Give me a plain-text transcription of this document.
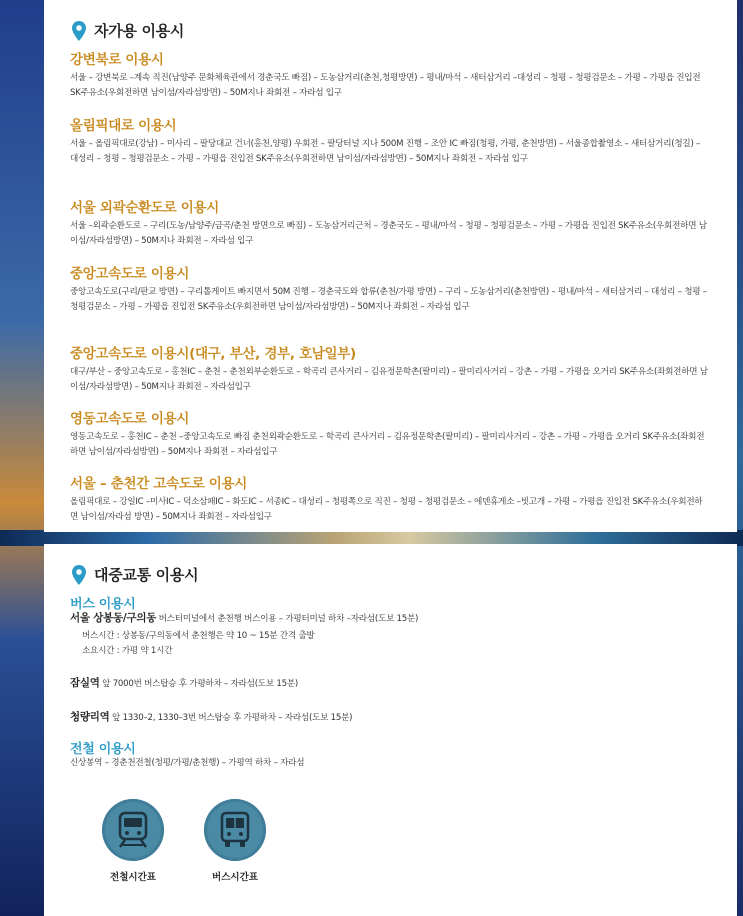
자가용 이용시
강변북로 이용시

서울 – 강변북로 –계속 직진(남양주 문화체육관에서 경춘국도 빠짐) – 도농삼거리(춘천,청평방면) – 평내/마석 – 새터삼거리 –대성리 – 청평 – 청평검문소 – 가평 – 가평읍 진입전 SK주유소(우회전하면 남이섬/자라섬방면) – 50M지나 좌회전 – 자라섬 입구

올림픽대로 이용시

서울 – 올림픽대로(강남) – 미사리 – 팔당대교 건너(홍천,양평) 우회전 – 팔당터널 지나 500M 진행 – 조안 IC 빠짐(청평, 가평, 춘천방면) – 서울종합촬영소 – 새터삼거리(청길) – 대성리 – 청평 – 청평검문소 – 가평 – 가평읍 진입전 SK주유소(우회전하면 남이섬/자라섬방면) – 50M지나 좌회전 – 자라섬 입구

서울 외곽순환도로 이용시

서울 –외곽순환도로 – 구리(도농/남양주/금곡/춘천 방면으로 빠짐) – 도농삼거리근처 – 경춘국도 – 평내/마석 – 청평 – 청평검문소 – 가평 – 가평읍 진입전 SK주유소(우회전하면 남이섬/자라섬방면) – 50M지나 좌회전 – 자라섬 입구

중앙고속도로 이용시

중앙고속도로(구리/판교 방면) – 구리톨게이트 빠지면서 50M 진행 – 경춘국도와 합류(춘천/가평 방면) – 구리 – 도농삼거리(춘천방면) – 평내/마석 – 새터삼거리 – 대성리 – 청평 – 청평검문소 – 가평 – 가평읍 진입전 SK주유소(우회전하면 남이섬/자라섬방면) – 50M지나 좌회전 – 자라섬 입구

중앙고속도로 이용시(대구, 부산, 경부, 호남일부)

대구/부산 – 중앙고속도로 – 홍천IC – 춘천 – 춘천외부순환도로 – 학곡리 큰사거리 – 김유정문학촌(팔미리) – 팔미리사거리 – 강촌 – 가평 – 가평읍 오거리 SK주유소(좌회전하면 남이섬/자라섬방면) – 50M지나 좌회전 – 자라섬입구

영동고속도로 이용시

영동고속도로 – 홍천IC – 춘천 –중앙고속도로 빠짐 춘천외곽순환도로 – 학곡리 큰사거리 – 김유정문학촌(팔미리) – 팔미리사거리 – 강촌 – 가평 – 가평읍 오거리 SK주유소(좌회전하면 남이섬/자라섬방면) – 50M지나 좌회전 – 자라섬입구

서울 – 춘천간 고속도로 이용시

올림픽대로 – 강일IC –미사IC – 덕소삼패IC – 화도IC – 서종IC – 대성리 – 청평쪽으로 직진 – 청평 – 청평검문소 – 에덴휴게소 –빗고개 – 가평 – 가평읍 진입전 SK주유소(우회전하면 남이섬/자라섬 방면) – 50M지나 좌회전 – 자라섬입구

대중교통 이용시
버스 이용시
서울 상봉동/구의동 버스터미널에서 춘천행 버스이용 – 가평터미널 하차 –자라섬(도보 15분)
버스시간 : 상봉동/구의동에서 춘천행은 약 10 ~ 15분 간격 출발
소요시간 : 가평 약 1시간
잠실역 앞 7000번 버스탑승 후 가평하차 – 자라섬(도보 15분)
청량리역 앞 1330–2, 1330–3번 버스탑승 후 가평하차 – 자라섬(도보 15분)
전철 이용시
신상봉역 – 경춘천전철(청평/가평/춘천행) – 가평역 하차 – 자라섬
전철시간표	버스시간표
